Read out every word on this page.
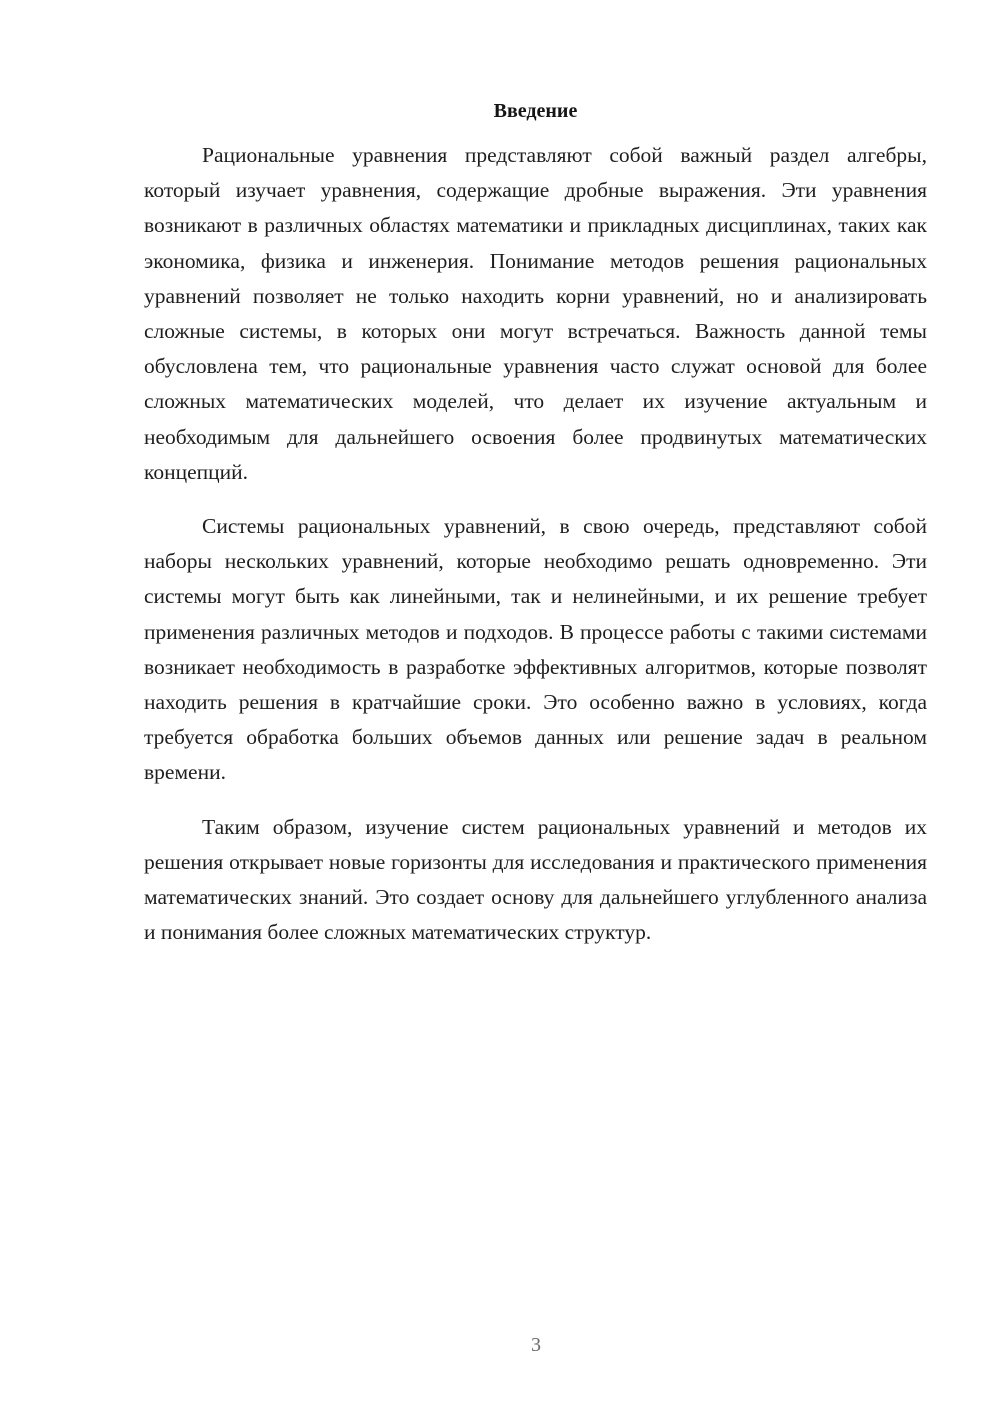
Введение

Рациональные уравнения представляют собой важный раздел алгебры, который изучает уравнения, содержащие дробные выражения. Эти уравнения возникают в различных областях математики и прикладных дисциплинах, таких как экономика, физика и инженерия. Понимание методов решения рациональных уравнений позволяет не только находить корни уравнений, но и анализировать сложные системы, в которых они могут встречаться. Важность данной темы обусловлена тем, что рациональные уравнения часто служат основой для более сложных математических моделей, что делает их изучение актуальным и необходимым для дальнейшего освоения более продвинутых математических концепций.

Системы рациональных уравнений, в свою очередь, представляют собой наборы нескольких уравнений, которые необходимо решать одновременно. Эти системы могут быть как линейными, так и нелинейными, и их решение требует применения различных методов и подходов. В процессе работы с такими системами возникает необходимость в разработке эффективных алгоритмов, которые позволят находить решения в кратчайшие сроки. Это особенно важно в условиях, когда требуется обработка больших объемов данных или решение задач в реальном времени.

Таким образом, изучение систем рациональных уравнений и методов их решения открывает новые горизонты для исследования и практического применения математических знаний. Это создает основу для дальнейшего углубленного анализа и понимания более сложных математических структур.

3
